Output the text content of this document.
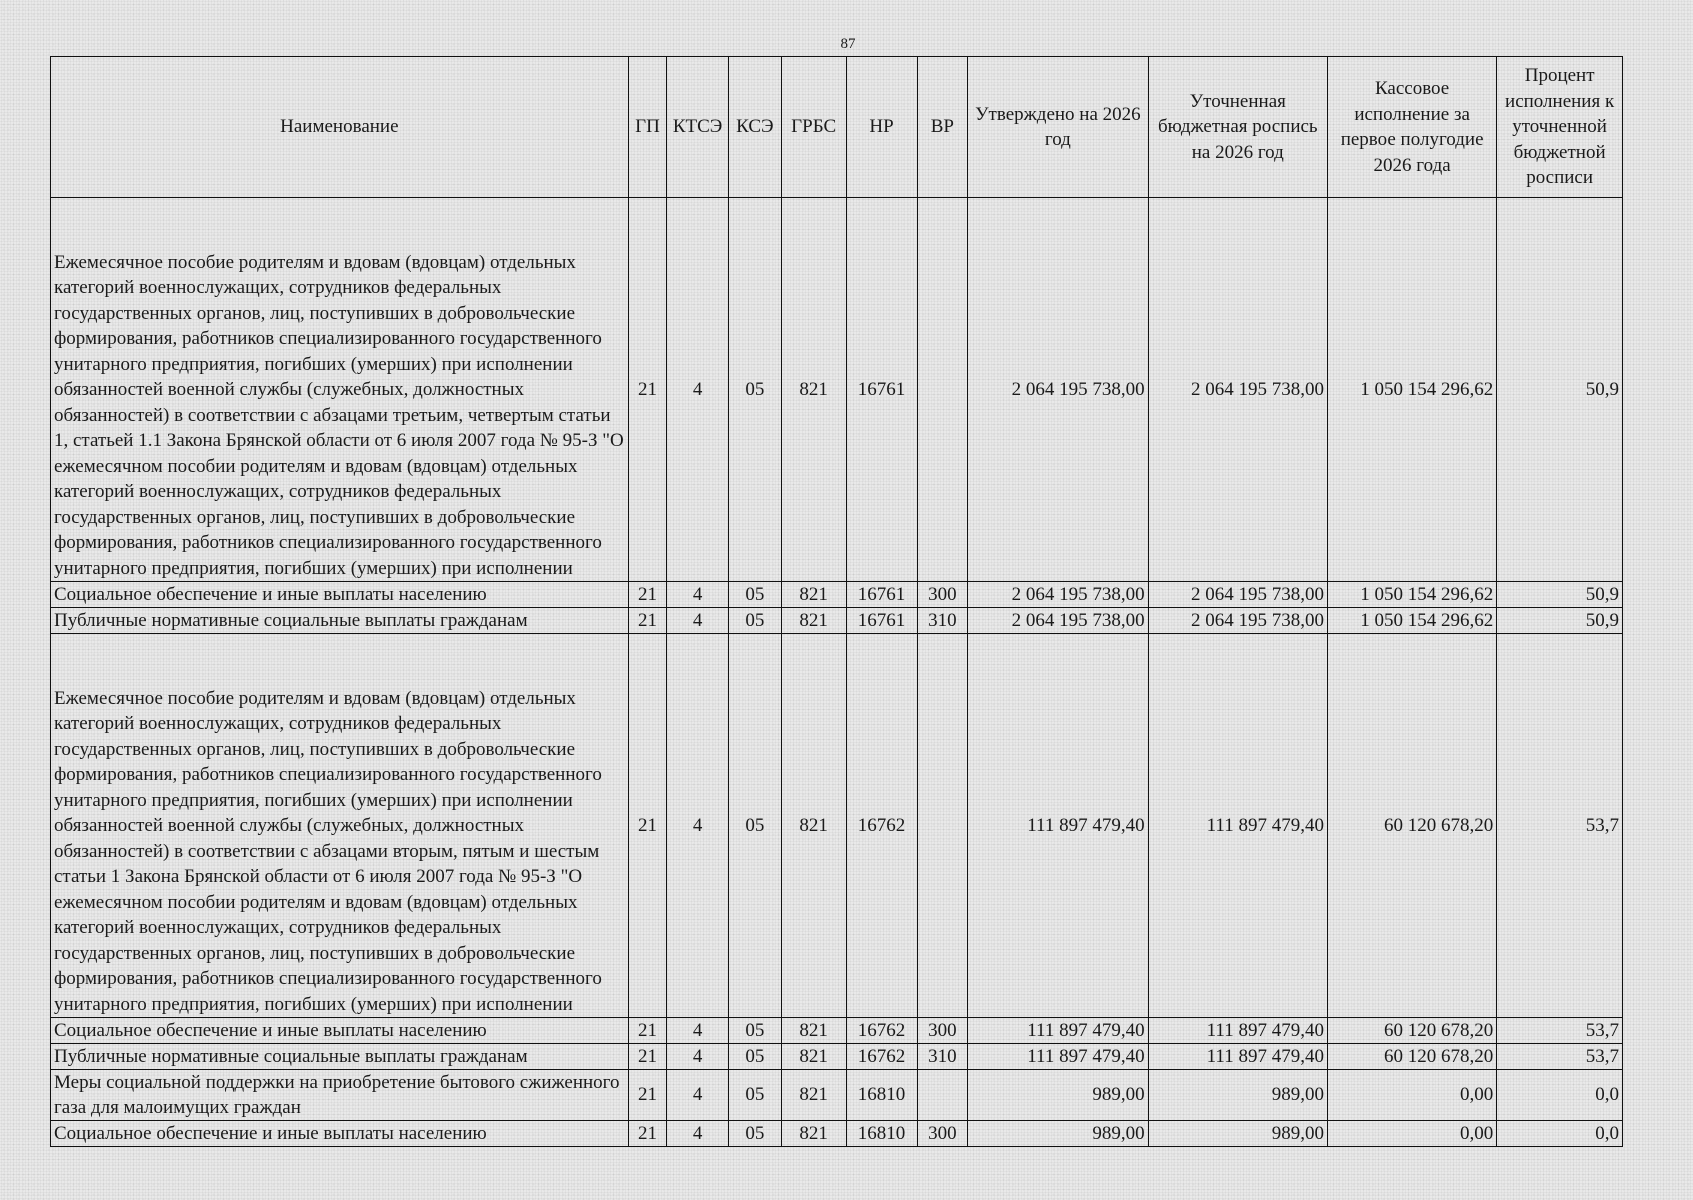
87
Наименование	ГП	КТСЭ	КСЭ	ГРБС	НР	ВР	Утверждено на 2026 год	Уточненная бюджетная роспись на 2026 год	Кассовое исполнение за первое полугодие 2026 года	Процент исполнения к уточненной бюджетной росписи

Ежемесячное пособие родителям и вдовам (вдовцам) отдельных категорий военнослужащих, сотрудников федеральных государственных органов, лиц, поступивших в добровольческие формирования, работников специализированного государственного унитарного предприятия, погибших (умерших) при исполнении обязанностей военной службы (служебных, должностных обязанностей) в соответствии с абзацами третьим, четвертым статьи 1, статьей 1.1 Закона Брянской области от 6 июля 2007 года № 95-З "О ежемесячном пособии родителям и вдовам (вдовцам) отдельных категорий военнослужащих, сотрудников федеральных государственных органов, лиц, поступивших в добровольческие формирования, работников специализированного государственного унитарного предприятия, погибших (умерших) при исполнении	21	4	05	821	16761		2 064 195 738,00	2 064 195 738,00	1 050 154 296,62	50,9
Социальное обеспечение и иные выплаты населению	21	4	05	821	16761	300	2 064 195 738,00	2 064 195 738,00	1 050 154 296,62	50,9
Публичные нормативные социальные выплаты гражданам	21	4	05	821	16761	310	2 064 195 738,00	2 064 195 738,00	1 050 154 296,62	50,9

Ежемесячное пособие родителям и вдовам (вдовцам) отдельных категорий военнослужащих, сотрудников федеральных государственных органов, лиц, поступивших в добровольческие формирования, работников специализированного государственного унитарного предприятия, погибших (умерших) при исполнении обязанностей военной службы (служебных, должностных обязанностей) в соответствии с абзацами вторым, пятым и шестым статьи 1 Закона Брянской области от 6 июля 2007 года № 95-З "О ежемесячном пособии родителям и вдовам (вдовцам) отдельных категорий военнослужащих, сотрудников федеральных государственных органов, лиц, поступивших в добровольческие формирования, работников специализированного государственного унитарного предприятия, погибших (умерших) при исполнении	21	4	05	821	16762		111 897 479,40	111 897 479,40	60 120 678,20	53,7
Социальное обеспечение и иные выплаты населению	21	4	05	821	16762	300	111 897 479,40	111 897 479,40	60 120 678,20	53,7
Публичные нормативные социальные выплаты гражданам	21	4	05	821	16762	310	111 897 479,40	111 897 479,40	60 120 678,20	53,7

Меры социальной поддержки на приобретение бытового сжиженного газа для малоимущих граждан	21	4	05	821	16810		989,00	989,00	0,00	0,0
Социальное обеспечение и иные выплаты населению	21	4	05	821	16810	300	989,00	989,00	0,00	0,0
